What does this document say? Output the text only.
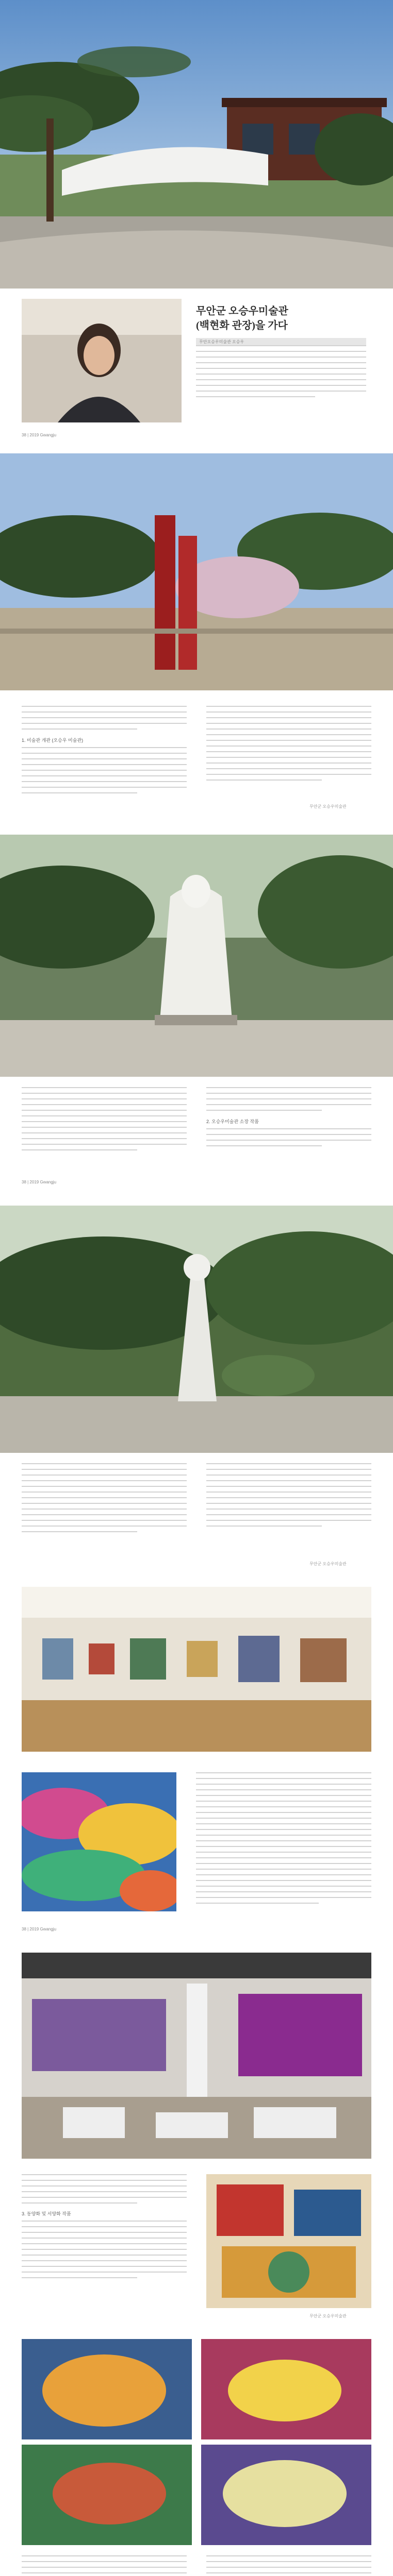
무안군 오승우미술관
(백현화 관장)을 가다
무안오승우미술관 오승우
38 | 2019 Gwangju
1. 미술관 개관 (오승우 미술관)
무안군 오승우미술관
2. 오승우미술관 소장 작품
38 | 2019 Gwangju
무안군 오승우미술관
38 | 2019 Gwangju
3. 동양화 및 서양화 작품
무안군 오승우미술관
